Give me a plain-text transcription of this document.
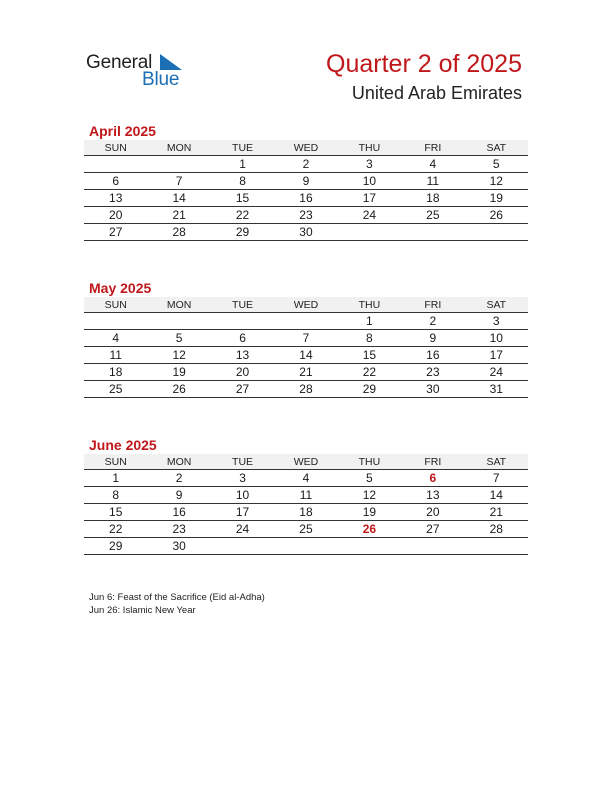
General
Blue
Quarter 2 of 2025
United Arab Emirates
April 2025
SUN	MON	TUE	WED	THU	FRI	SAT
		1	2	3	4	5
6	7	8	9	10	11	12
13	14	15	16	17	18	19
20	21	22	23	24	25	26
27	28	29	30			
May 2025
SUN	MON	TUE	WED	THU	FRI	SAT
				1	2	3
4	5	6	7	8	9	10
11	12	13	14	15	16	17
18	19	20	21	22	23	24
25	26	27	28	29	30	31
June 2025
SUN	MON	TUE	WED	THU	FRI	SAT
1	2	3	4	5	6	7
8	9	10	11	12	13	14
15	16	17	18	19	20	21
22	23	24	25	26	27	28
29	30					
Jun 6: Feast of the Sacrifice (Eid al-Adha)
Jun 26: Islamic New Year
